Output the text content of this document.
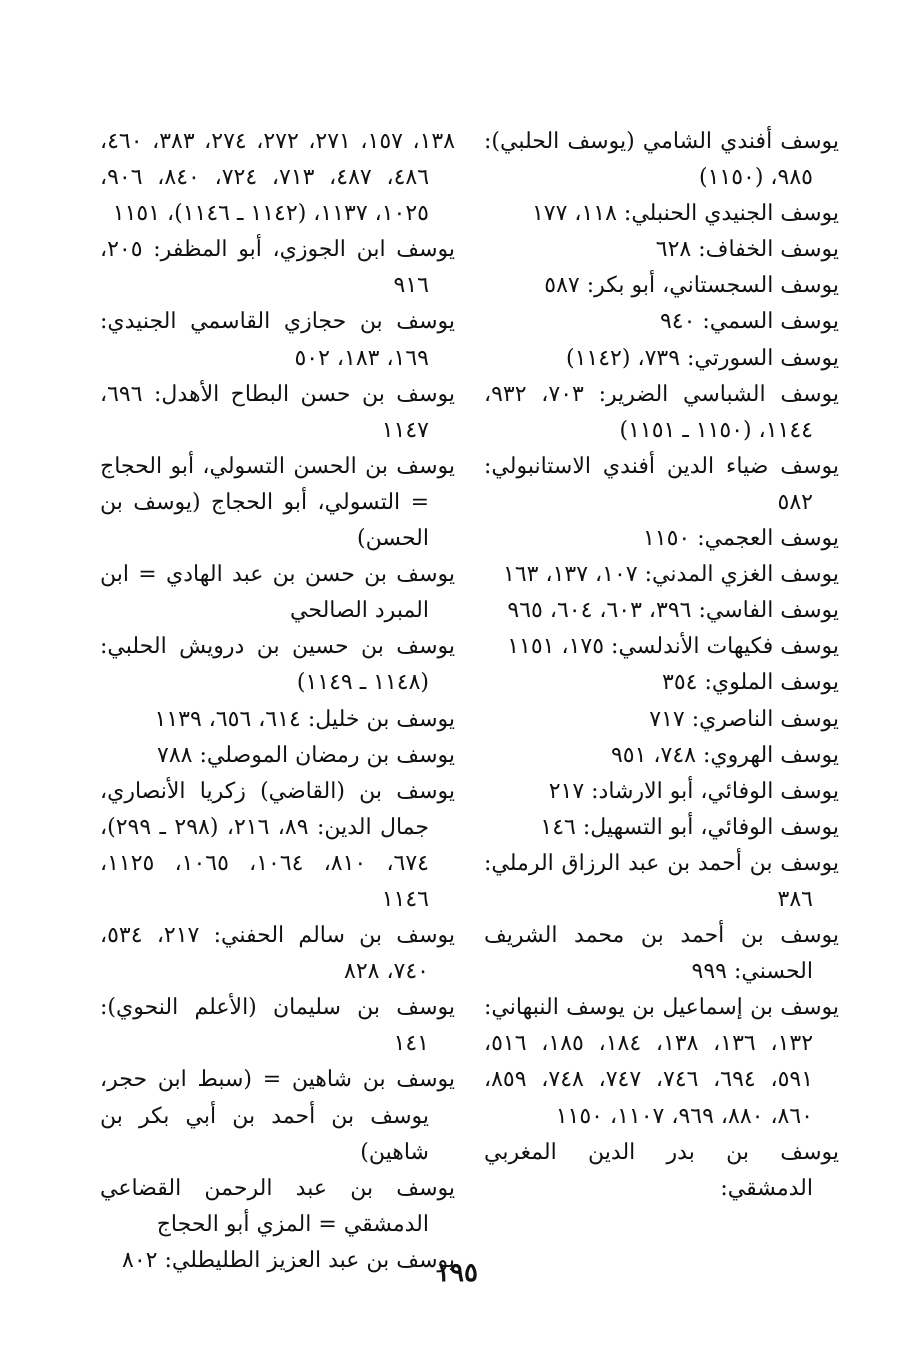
يوسف أفندي الشامي (يوسف الحلبي): ٩٨٥، (١١٥٠)

يوسف الجنيدي الحنبلي: ١١٨، ١٧٧

يوسف الخفاف: ٦٢٨

يوسف السجستاني، أبو بكر: ٥٨٧

يوسف السمي: ٩٤٠

يوسف السورتي: ٧٣٩، (١١٤٢)

يوسف الشباسي الضرير: ٧٠٣، ٩٣٢، ١١٤٤، (١١٥٠ ـ ١١٥١)

يوسف ضياء الدين أفندي الاستانبولي: ٥٨٢

يوسف العجمي: ١١٥٠

يوسف الغزي المدني: ١٠٧، ١٣٧، ١٦٣

يوسف الفاسي: ٣٩٦، ٦٠٣، ٦٠٤، ٩٦٥

يوسف فكيهات الأندلسي: ١٧٥، ١١٥١

يوسف الملوي: ٣٥٤

يوسف الناصري: ٧١٧

يوسف الهروي: ٧٤٨، ٩٥١

يوسف الوفائي، أبو الارشاد: ٢١٧

يوسف الوفائي، أبو التسهيل: ١٤٦

يوسف بن أحمد بن عبد الرزاق الرملي: ٣٨٦

يوسف بن أحمد بن محمد الشريف الحسني: ٩٩٩

يوسف بن إسماعيل بن يوسف النبهاني: ١٣٢، ١٣٦، ١٣٨، ١٨٤، ١٨٥، ٥١٦، ٥٩١، ٦٩٤، ٧٤٦، ٧٤٧، ٧٤٨، ٨٥٩، ٨٦٠، ٨٨٠، ٩٦٩، ١١٠٧، ١١٥٠

يوسف بن بدر الدين المغربي الدمشقي:

١٣٨، ١٥٧، ٢٧١، ٢٧٢، ٢٧٤، ٣٨٣، ٤٦٠، ٤٨٦، ٤٨٧، ٧١٣، ٧٢٤، ٨٤٠، ٩٠٦، ١٠٢٥، ١١٣٧، (١١٤٢ ـ ١١٤٦)، ١١٥١

يوسف ابن الجوزي، أبو المظفر: ٢٠٥، ٩١٦

يوسف بن حجازي القاسمي الجنيدي: ١٦٩، ١٨٣، ٥٠٢

يوسف بن حسن البطاح الأهدل: ٦٩٦، ١١٤٧

يوسف بن الحسن التسولي، أبو الحجاج = التسولي، أبو الحجاج (يوسف بن الحسن)

يوسف بن حسن بن عبد الهادي = ابن المبرد الصالحي

يوسف بن حسين بن درويش الحلبي: (١١٤٨ ـ ١١٤٩)

يوسف بن خليل: ٦١٤، ٦٥٦، ١١٣٩

يوسف بن رمضان الموصلي: ٧٨٨

يوسف بن (القاضي) زكريا الأنصاري، جمال الدين: ٨٩، ٢١٦، (٢٩٨ ـ ٢٩٩)، ٦٧٤، ٨١٠، ١٠٦٤، ١٠٦٥، ١١٢٥، ١١٤٦

يوسف بن سالم الحفني: ٢١٧، ٥٣٤، ٧٤٠، ٨٢٨

يوسف بن سليمان (الأعلم النحوي): ١٤١

يوسف بن شاهين = (سبط ابن حجر، يوسف بن أحمد بن أبي بكر بن شاهين)

يوسف بن عبد الرحمن القضاعي الدمشقي = المزي أبو الحجاج

يوسف بن عبد العزيز الطليطلي: ٨٠٢

١٩٥
